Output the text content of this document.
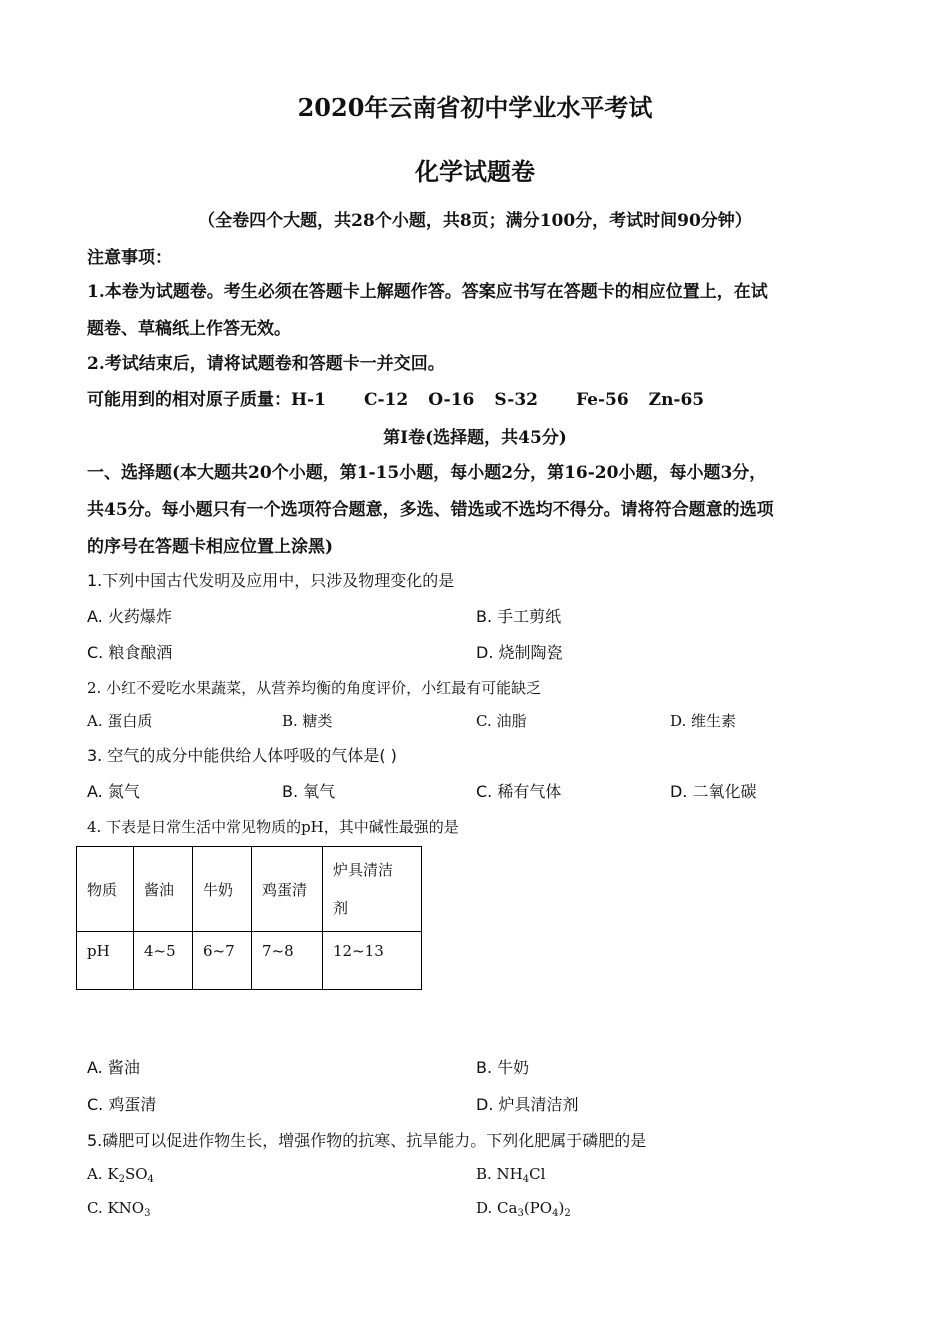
2020年云南省初中学业水平考试
化学试题卷
（全卷四个大题，共28个小题，共8页；满分100分，考试时间90分钟）
注意事项：
1.本卷为试题卷。考生必须在答题卡上解题作答。答案应书写在答题卡的相应位置上，在试
题卷、草稿纸上作答无效。
2.考试结束后，请将试题卷和答题卡一并交回。
可能用到的相对原子质量：H-1 C-12 O-16 S-32 Fe-56 Zn-65
第Ⅰ卷(选择题，共45分)
一、选择题(本大题共20个小题，第1-15小题，每小题2分，第16-20小题，每小题3分，
共45分。每小题只有一个选项符合题意，多选、错选或不选均不得分。请将符合题意的选项
的序号在答题卡相应位置上涂黑)
1.下列中国古代发明及应用中，只涉及物理变化的是
A. 火药爆炸	B. 手工剪纸
C. 粮食酿酒	D. 烧制陶瓷
2. 小红不爱吃水果蔬菜，从营养均衡的角度评价，小红最有可能缺乏
A. 蛋白质	B. 糖类	C. 油脂	D. 维生素
3. 空气的成分中能供给人体呼吸的气体是( )
A. 氮气	B. 氧气	C. 稀有气体	D. 二氧化碳
4. 下表是日常生活中常见物质的pH，其中碱性最强的是
物质	酱油	牛奶	鸡蛋清	炉具清洁
剂
pH	4~5	6~7	7~8	12~13
A. 酱油	B. 牛奶
C. 鸡蛋清	D. 炉具清洁剂
5.磷肥可以促进作物生长，增强作物的抗寒、抗旱能力。下列化肥属于磷肥的是
A. $K_2SO_4$	B. $NH_4Cl$
C. $KNO_3$	D. $Ca_3(PO_4)_2$
